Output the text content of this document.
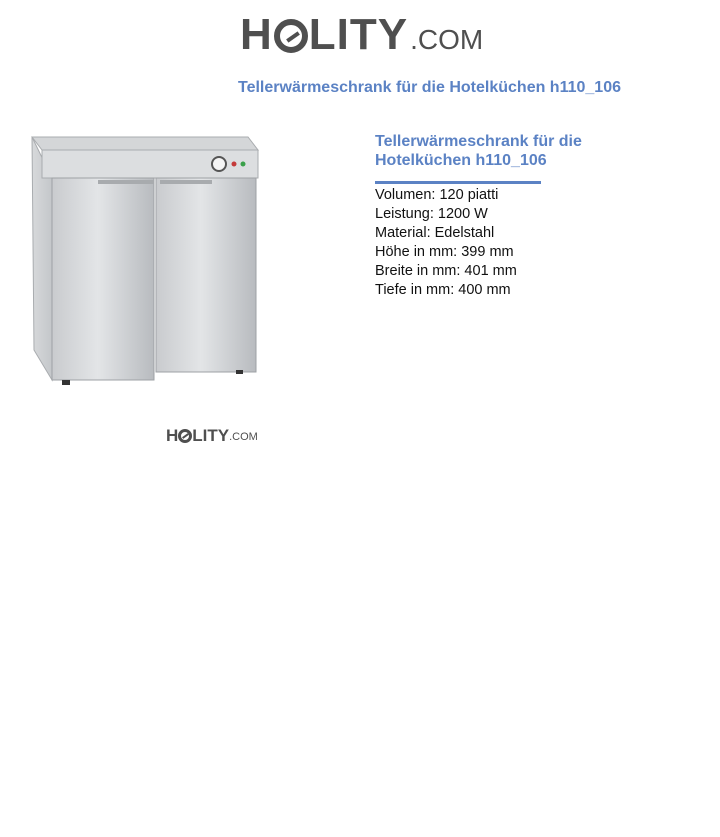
H LITY .COM
Tellerwärmeschrank für die Hotelküchen h110_106
H LITY .COM
Tellerwärmeschrank für die Hotelküchen h110_106
Volumen: 120 piatti
Leistung: 1200 W
Material: Edelstahl
Höhe in mm: 399 mm
Breite in mm: 401 mm
Tiefe in mm: 400 mm
